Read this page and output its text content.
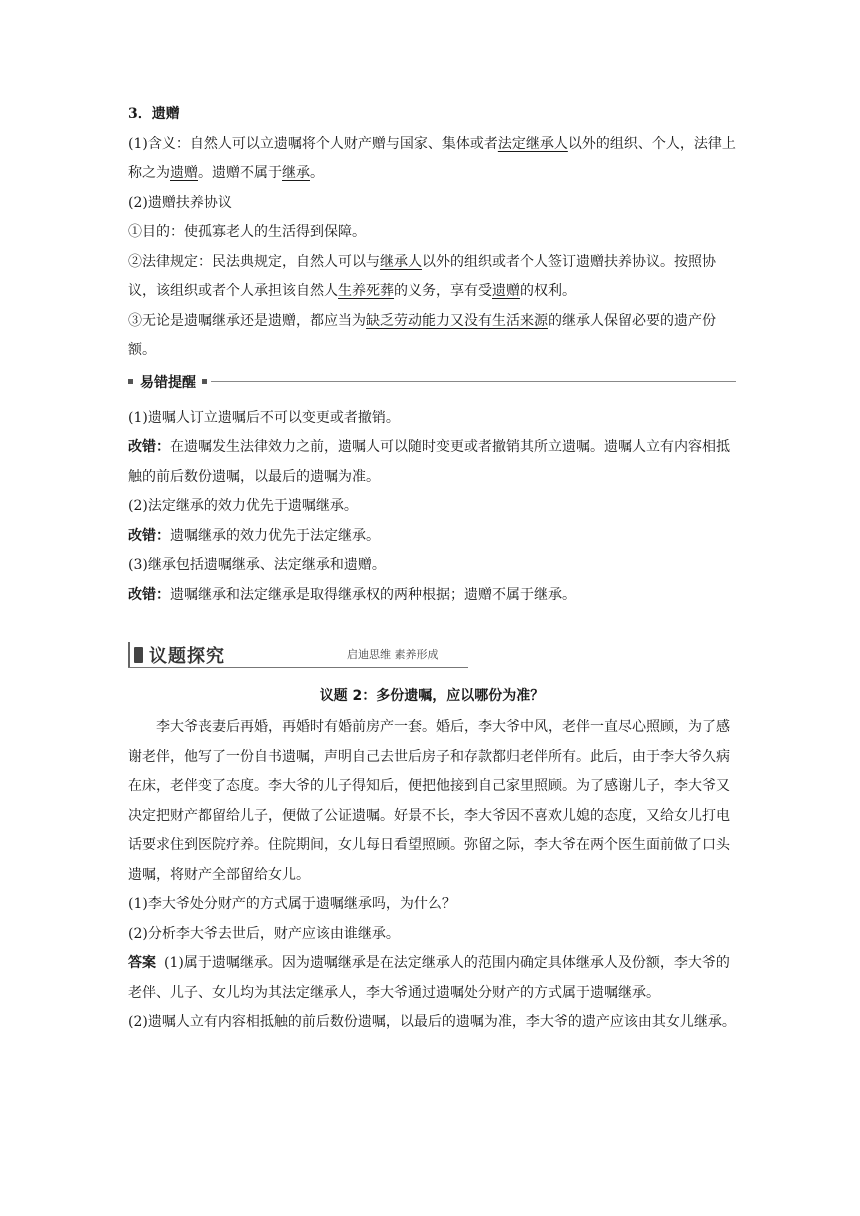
3．遗赠

(1)含义：自然人可以立遗嘱将个人财产赠与国家、集体或者法定继承人以外的组织、个人，法律上称之为遗赠。遗赠不属于继承。

(2)遗赠扶养协议

①目的：使孤寡老人的生活得到保障。

②法律规定：民法典规定，自然人可以与继承人以外的组织或者个人签订遗赠扶养协议。按照协议，该组织或者个人承担该自然人生养死葬的义务，享有受遗赠的权利。

③无论是遗嘱继承还是遗赠，都应当为缺乏劳动能力又没有生活来源的继承人保留必要的遗产份额。

易错提醒

(1)遗嘱人订立遗嘱后不可以变更或者撤销。

改错：在遗嘱发生法律效力之前，遗嘱人可以随时变更或者撤销其所立遗嘱。遗嘱人立有内容相抵触的前后数份遗嘱，以最后的遗嘱为准。

(2)法定继承的效力优先于遗嘱继承。

改错：遗嘱继承的效力优先于法定继承。

(3)继承包括遗嘱继承、法定继承和遗赠。

改错：遗嘱继承和法定继承是取得继承权的两种根据；遗赠不属于继承。

议题探究	启迪思维 素养形成
议题 2：多份遗嘱，应以哪份为准？

李大爷丧妻后再婚，再婚时有婚前房产一套。婚后，李大爷中风，老伴一直尽心照顾，为了感谢老伴，他写了一份自书遗嘱，声明自己去世后房子和存款都归老伴所有。此后，由于李大爷久病在床，老伴变了态度。李大爷的儿子得知后，便把他接到自己家里照顾。为了感谢儿子，李大爷又决定把财产都留给儿子，便做了公证遗嘱。好景不长，李大爷因不喜欢儿媳的态度，又给女儿打电话要求住到医院疗养。住院期间，女儿每日看望照顾。弥留之际，李大爷在两个医生面前做了口头遗嘱，将财产全部留给女儿。

(1)李大爷处分财产的方式属于遗嘱继承吗，为什么？

(2)分析李大爷去世后，财产应该由谁继承。

答案 (1)属于遗嘱继承。因为遗嘱继承是在法定继承人的范围内确定具体继承人及份额，李大爷的老伴、儿子、女儿均为其法定继承人，李大爷通过遗嘱处分财产的方式属于遗嘱继承。

(2)遗嘱人立有内容相抵触的前后数份遗嘱，以最后的遗嘱为准，李大爷的遗产应该由其女儿继承。
